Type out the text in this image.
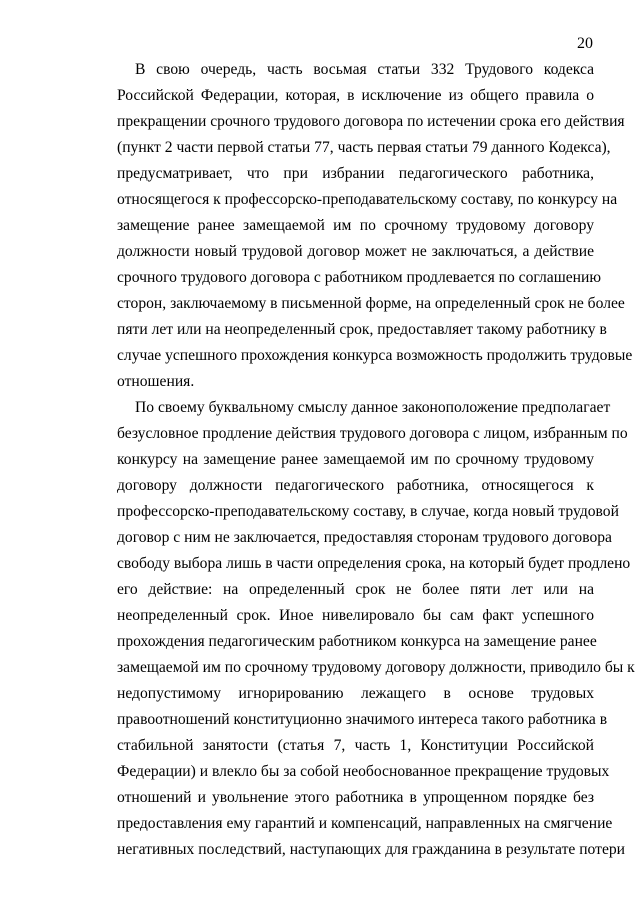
20

В свою очередь, часть восьмая статьи 332 Трудового кодекса
Российской Федерации, которая, в исключение из общего правила о
прекращении срочного трудового договора по истечении срока его действия
(пункт 2 части первой статьи 77, часть первая статьи 79 данного Кодекса),
предусматривает, что при избрании педагогического работника,
относящегося к профессорско-преподавательскому составу, по конкурсу на
замещение ранее замещаемой им по срочному трудовому договору
должности новый трудовой договор может не заключаться, а действие
срочного трудового договора с работником продлевается по соглашению
сторон, заключаемому в письменной форме, на определенный срок не более
пяти лет или на неопределенный срок, предоставляет такому работнику в
случае успешного прохождения конкурса возможность продолжить трудовые
отношения.

По своему буквальному смыслу данное законоположение предполагает
безусловное продление действия трудового договора с лицом, избранным по
конкурсу на замещение ранее замещаемой им по срочному трудовому
договору должности педагогического работника, относящегося к
профессорско-преподавательскому составу, в случае, когда новый трудовой
договор с ним не заключается, предоставляя сторонам трудового договора
свободу выбора лишь в части определения срока, на который будет продлено
его действие: на определенный срок не более пяти лет или на
неопределенный срок. Иное нивелировало бы сам факт успешного
прохождения педагогическим работником конкурса на замещение ранее
замещаемой им по срочному трудовому договору должности, приводило бы к
недопустимому игнорированию лежащего в основе трудовых
правоотношений конституционно значимого интереса такого работника в
стабильной занятости (статья 7, часть 1, Конституции Российской
Федерации) и влекло бы за собой необоснованное прекращение трудовых
отношений и увольнение этого работника в упрощенном порядке без
предоставления ему гарантий и компенсаций, направленных на смягчение
негативных последствий, наступающих для гражданина в результате потери
